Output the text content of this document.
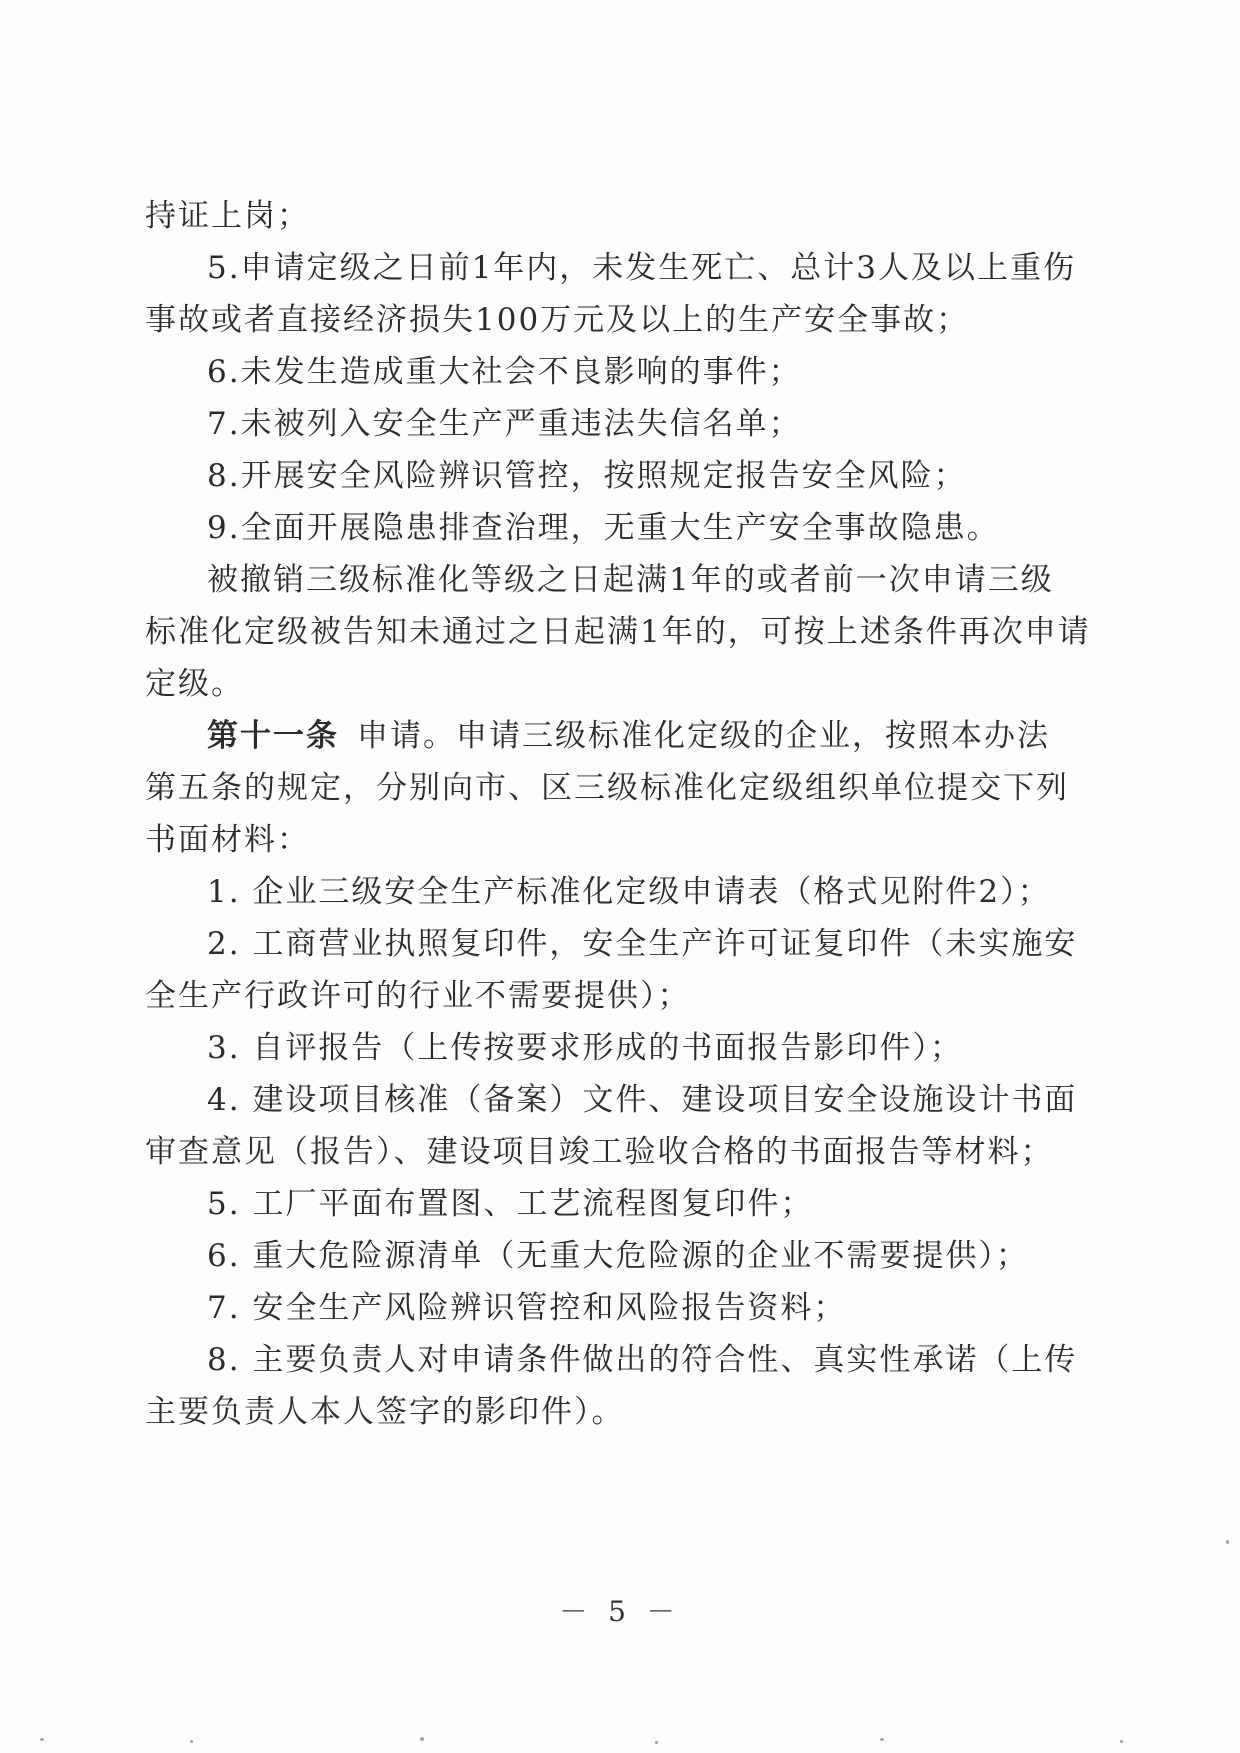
持证上岗；
5.申请定级之日前1年内，未发生死亡、总计3人及以上重伤
事故或者直接经济损失100万元及以上的生产安全事故；
6.未发生造成重大社会不良影响的事件；
7.未被列入安全生产严重违法失信名单；
8.开展安全风险辨识管控，按照规定报告安全风险；
9.全面开展隐患排查治理，无重大生产安全事故隐患。
被撤销三级标准化等级之日起满1年的或者前一次申请三级
标准化定级被告知未通过之日起满1年的，可按上述条件再次申请
定级。
第十一条 申请。申请三级标准化定级的企业，按照本办法
第五条的规定，分别向市、区三级标准化定级组织单位提交下列
书面材料：
1. 企业三级安全生产标准化定级申请表（格式见附件2）；
2. 工商营业执照复印件，安全生产许可证复印件（未实施安
全生产行政许可的行业不需要提供）；
3. 自评报告（上传按要求形成的书面报告影印件）；
4. 建设项目核准（备案）文件、建设项目安全设施设计书面
审查意见（报告）、建设项目竣工验收合格的书面报告等材料；
5. 工厂平面布置图、工艺流程图复印件；
6. 重大危险源清单（无重大危险源的企业不需要提供）；
7. 安全生产风险辨识管控和风险报告资料；
8. 主要负责人对申请条件做出的符合性、真实性承诺（上传
主要负责人本人签字的影印件）。
－ 5 －
